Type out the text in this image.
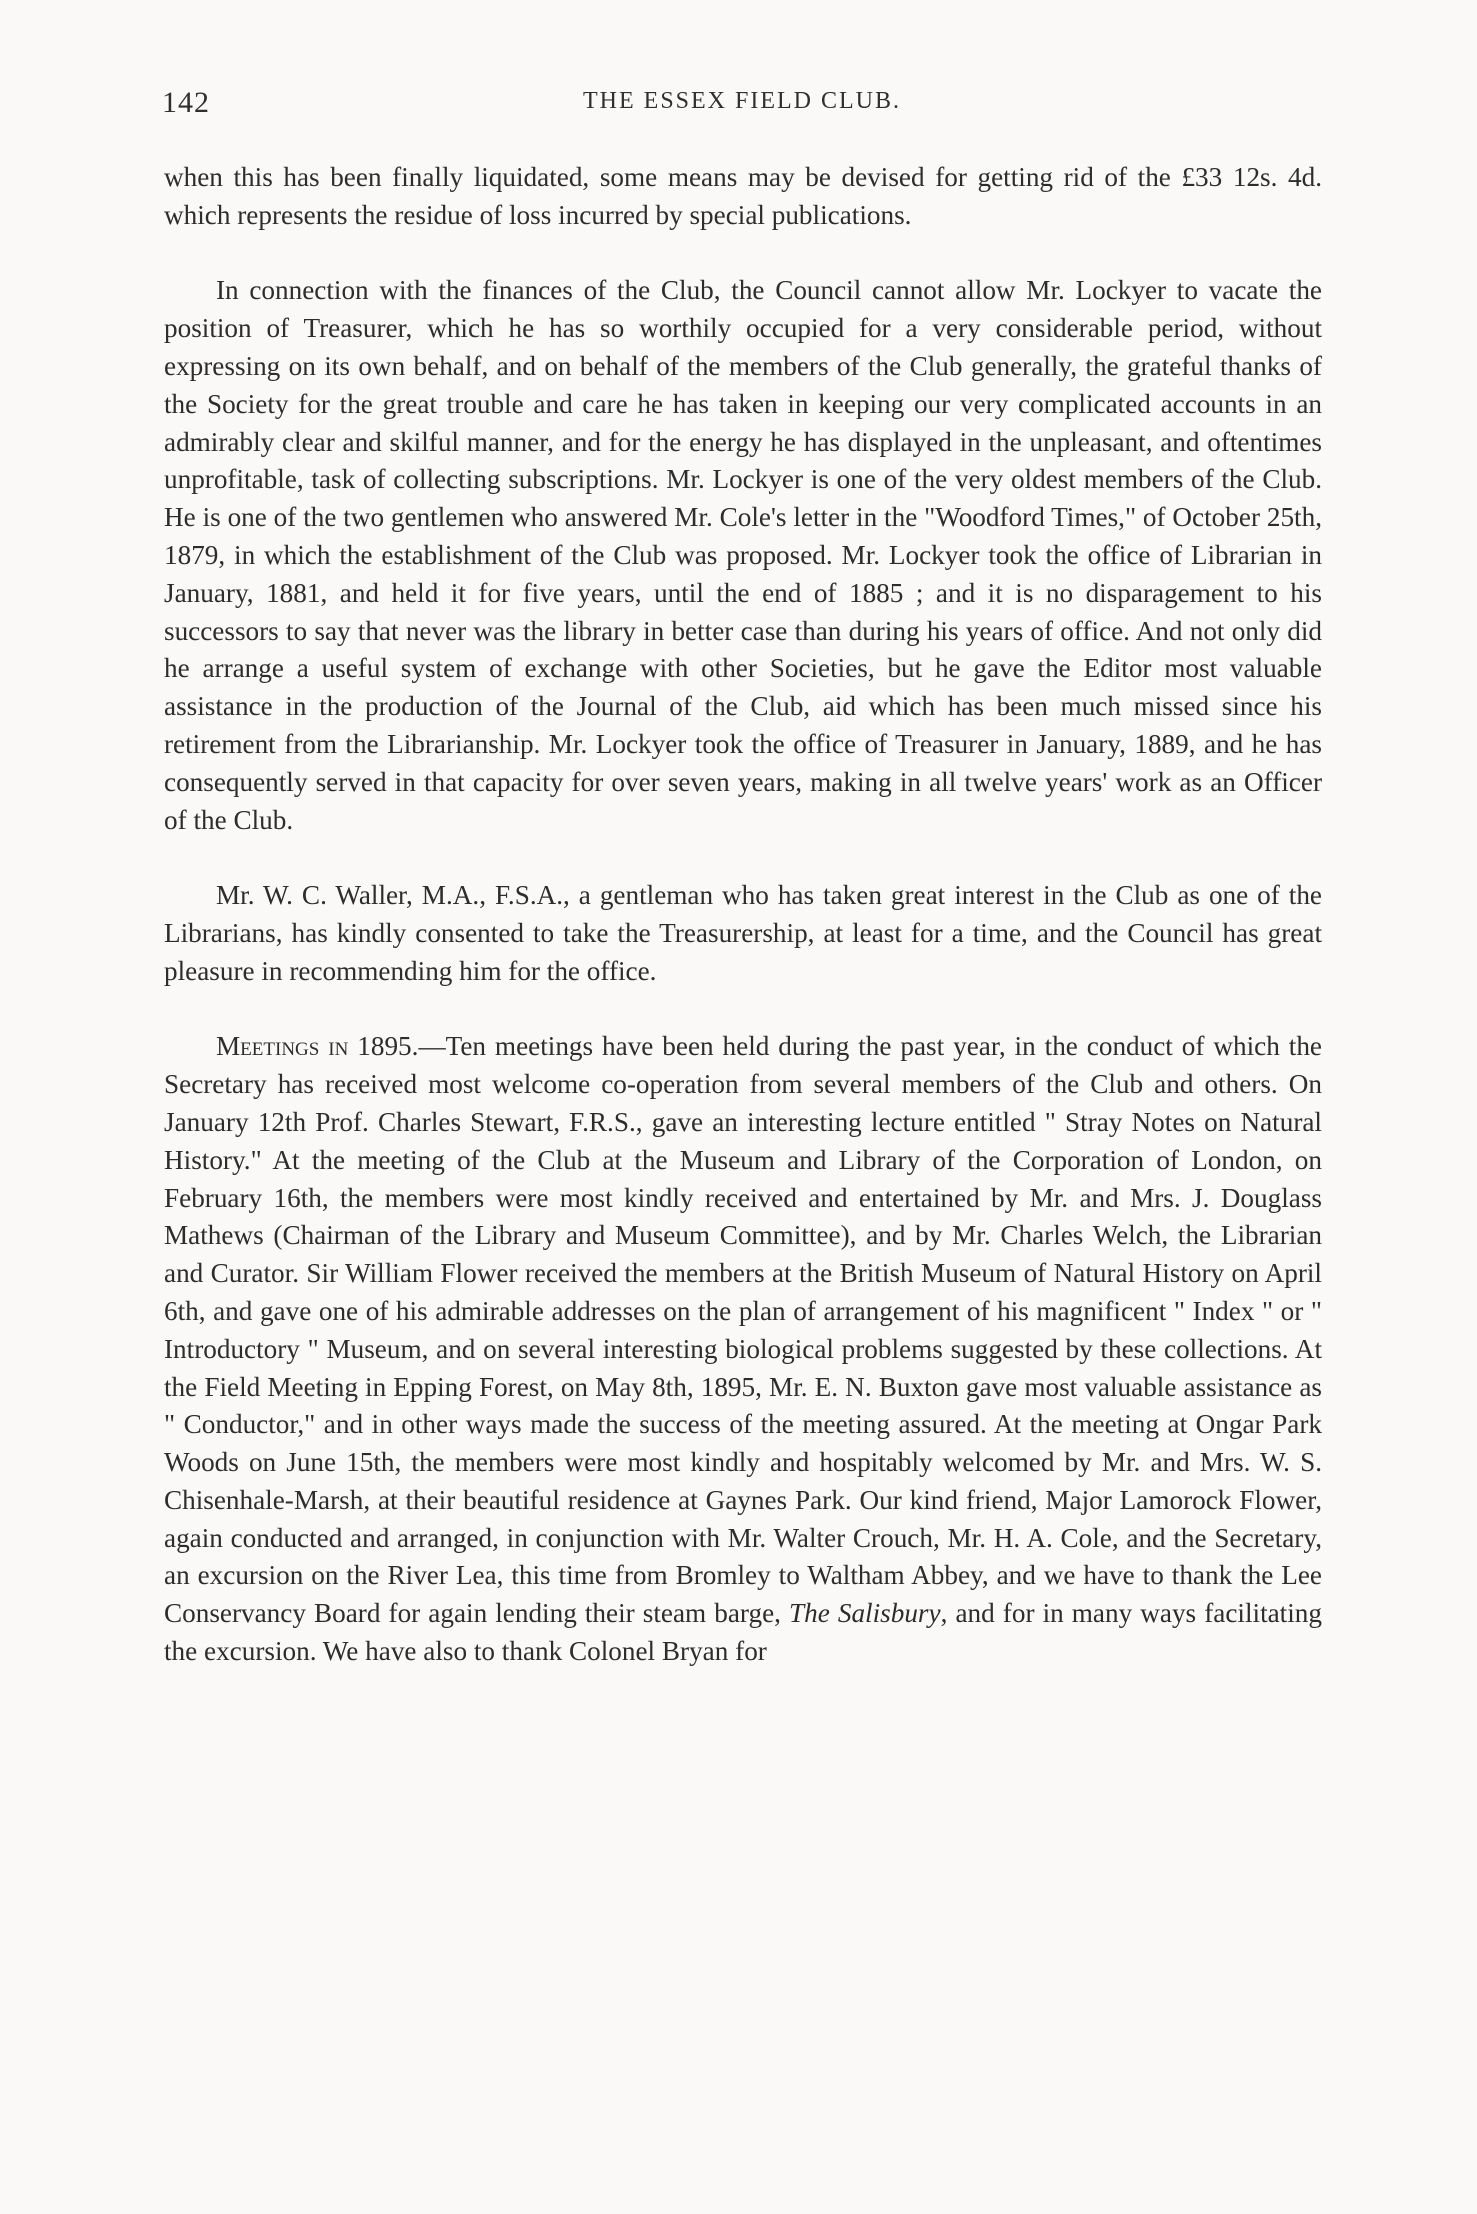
142	THE ESSEX FIELD CLUB.

when this has been finally liquidated, some means may be devised for getting rid of the £33 12s. 4d. which represents the residue of loss incurred by special publications.

In connection with the finances of the Club, the Council cannot allow Mr. Lockyer to vacate the position of Treasurer, which he has so worthily occupied for a very considerable period, without expressing on its own behalf, and on behalf of the members of the Club generally, the grateful thanks of the Society for the great trouble and care he has taken in keeping our very complicated accounts in an admirably clear and skilful manner, and for the energy he has displayed in the unpleasant, and oftentimes unprofitable, task of collecting subscriptions. Mr. Lockyer is one of the very oldest members of the Club. He is one of the two gentlemen who answered Mr. Cole's letter in the "Woodford Times," of October 25th, 1879, in which the establishment of the Club was proposed. Mr. Lockyer took the office of Librarian in January, 1881, and held it for five years, until the end of 1885 ; and it is no disparagement to his successors to say that never was the library in better case than during his years of office. And not only did he arrange a useful system of exchange with other Societies, but he gave the Editor most valuable assistance in the production of the Journal of the Club, aid which has been much missed since his retirement from the Librarianship. Mr. Lockyer took the office of Treasurer in January, 1889, and he has consequently served in that capacity for over seven years, making in all twelve years' work as an Officer of the Club.

Mr. W. C. Waller, M.A., F.S.A., a gentleman who has taken great interest in the Club as one of the Librarians, has kindly consented to take the Treasurership, at least for a time, and the Council has great pleasure in recommending him for the office.

Meetings in 1895.—Ten meetings have been held during the past year, in the conduct of which the Secretary has received most welcome co-operation from several members of the Club and others. On January 12th Prof. Charles Stewart, F.R.S., gave an interesting lecture entitled " Stray Notes on Natural History." At the meeting of the Club at the Museum and Library of the Corporation of London, on February 16th, the members were most kindly received and entertained by Mr. and Mrs. J. Douglass Mathews (Chairman of the Library and Museum Committee), and by Mr. Charles Welch, the Librarian and Curator. Sir William Flower received the members at the British Museum of Natural History on April 6th, and gave one of his admirable addresses on the plan of arrangement of his magnificent " Index " or " Introductory " Museum, and on several interesting biological problems suggested by these collections. At the Field Meeting in Epping Forest, on May 8th, 1895, Mr. E. N. Buxton gave most valuable assistance as " Conductor," and in other ways made the success of the meeting assured. At the meeting at Ongar Park Woods on June 15th, the members were most kindly and hospitably welcomed by Mr. and Mrs. W. S. Chisenhale-Marsh, at their beautiful residence at Gaynes Park. Our kind friend, Major Lamorock Flower, again conducted and arranged, in conjunction with Mr. Walter Crouch, Mr. H. A. Cole, and the Secretary, an excursion on the River Lea, this time from Bromley to Waltham Abbey, and we have to thank the Lee Conservancy Board for again lending their steam barge, The Salisbury, and for in many ways facilitating the excursion. We have also to thank Colonel Bryan for
